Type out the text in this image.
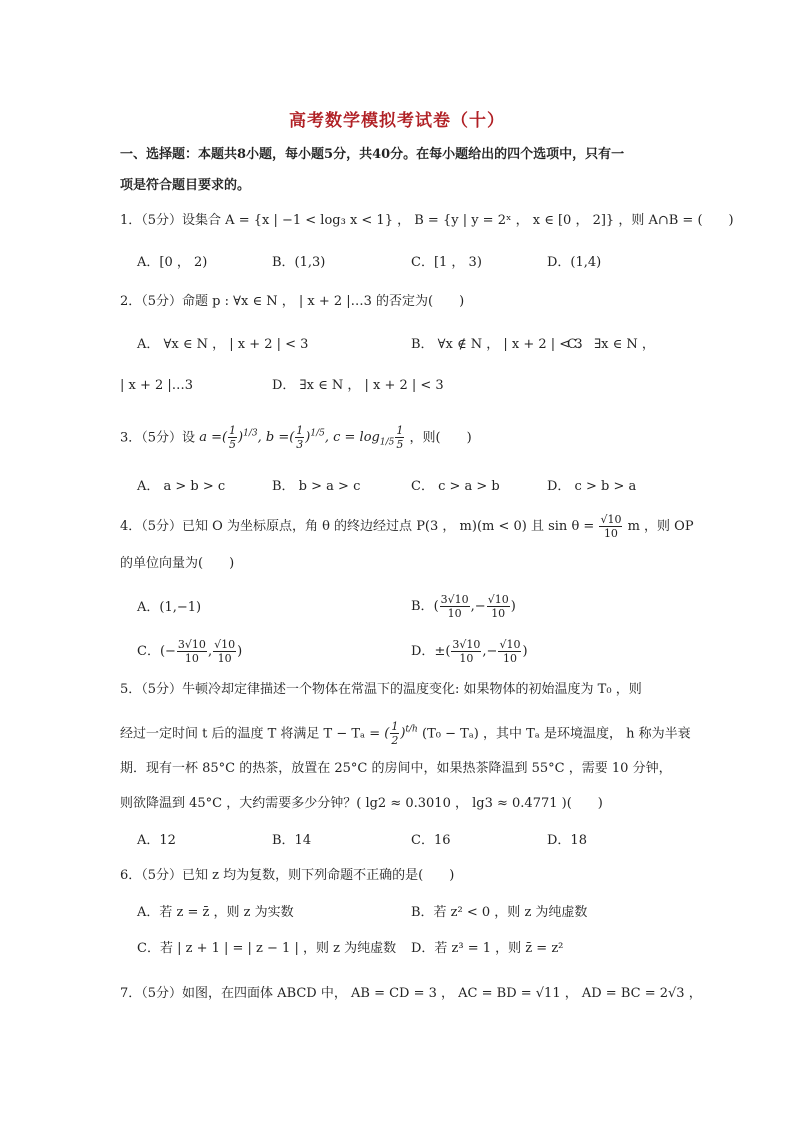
高考数学模拟考试卷（十）
一、选择题：本题共8小题，每小题5分，共40分。在每小题给出的四个选项中，只有一
项是符合题目要求的。
1．（5分）设集合 A = {x | −1 < log₃ x < 1} ， B = {y | y = 2ˣ ， x ∈ [0 ， 2]} ，则 A∩B = (　　)
A．[0 ， 2)	B．(1,3)	C．[1 ， 3)	D．(1,4)
2．（5分）命题 p : ∀x ∈ N ， | x + 2 |…3 的否定为(　　)
A． ∀x ∈ N ， | x + 2 | < 3	B． ∀x ∉ N ， | x + 2 | < 3
C． ∃x ∈ N ，
| x + 2 |…3	D． ∃x ∈ N ， | x + 2 | < 3
3．（5分）设 a =( $\frac{1}{5} )^{1/3}$, b =( $\frac{1}{3} )^{1/5}$, $c = \log_{1/5} \frac{1}{5}$ ，则(　　)
A． a > b > c	B． b > a > c	C． c > a > b	D． c > b > a
4．（5分）已知 O 为坐标原点，角 θ 的终边经过点 P(3 ， m)(m < 0) 且 $\sin \theta = \frac{√10}{10}$ m ，则 OP
的单位向量为(　　)
A．(1,−1)	B．( $\frac{3√10}{10}$ ,− $\frac{√10}{10}$ )
C．(− $\frac{3√10}{10}$ , $\frac{√10}{10}$ )	D．±( $\frac{3√10}{10}$ ,− $\frac{√10}{10}$ )
5．（5分）牛顿冷却定律描述一个物体在常温下的温度变化: 如果物体的初始温度为 T₀ ，则
经过一定时间 t 后的温度 T 将满足 T − Tₐ = ( $\frac{1}{2} )^{t/h}$ (T₀ − Tₐ) ，其中 Tₐ 是环境温度， h 称为半衰
期．现有一杯 85°C 的热茶，放置在 25°C 的房间中，如果热茶降温到 55°C ，需要 10 分钟，
则欲降温到 45°C ，大约需要多少分钟？( lg2 ≈ 0.3010 ， lg3 ≈ 0.4771 )(　　)
A．12	B．14	C．16	D．18
6．（5分）已知 z 均为复数，则下列命题不正确的是(　　)
A．若 z = z̄ ，则 z 为实数	B．若 z² < 0 ，则 z 为纯虚数
C．若 | z + 1 | = | z − 1 | ，则 z 为纯虚数 D．若 z³ = 1 ，则 z̄ = z²
7．（5分）如图，在四面体 ABCD 中， AB = CD = 3 ， AC = BD = √11 ， AD = BC = 2√3 ，
